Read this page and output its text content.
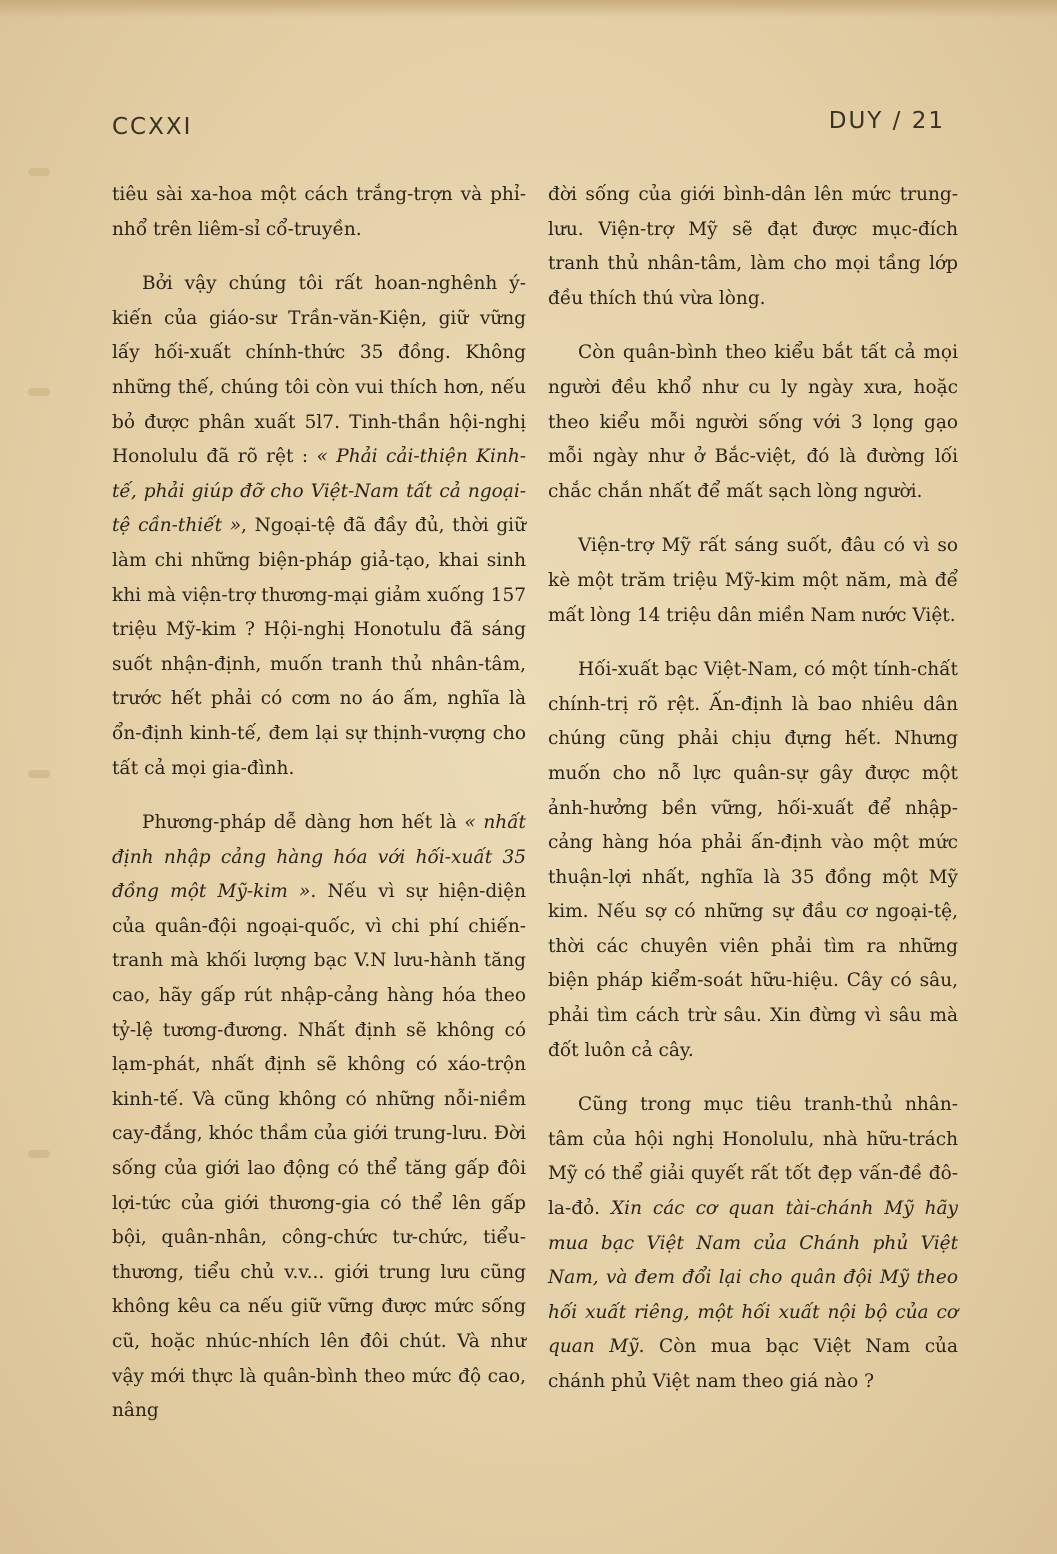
CCXXI	DUY / 21

tiêu sài xa-hoa một cách trắng-trợn và phỉ-nhổ trên liêm-sỉ cổ-truyền.

Bởi vậy chúng tôi rất hoan-nghênh ý-kiến của giáo-sư Trần-văn-Kiện, giữ vững lấy hối-xuất chính-thức 35 đồng. Không những thế, chúng tôi còn vui thích hơn, nếu bỏ được phân xuất 5l7. Tinh-thần hội-nghị Honolulu đã rõ rệt : « Phải cải-thiện Kinh-tế, phải giúp đỡ cho Việt-Nam tất cả ngoại-tệ cần-thiết », Ngoại-tệ đã đầy đủ, thời giữ làm chi những biện-pháp giả-tạo, khai sinh khi mà viện-trợ thương-mại giảm xuống 157 triệu Mỹ-kim ? Hội-nghị Honotulu đã sáng suốt nhận-định, muốn tranh thủ nhân-tâm, trước hết phải có cơm no áo ấm, nghĩa là ổn-định kinh-tế, đem lại sự thịnh-vượng cho tất cả mọi gia-đình.

Phương-pháp dễ dàng hơn hết là « nhất định nhập cảng hàng hóa với hối-xuất 35 đồng một Mỹ-kim ». Nếu vì sự hiện-diện của quân-đội ngoại-quốc, vì chi phí chiến-tranh mà khối lượng bạc V.N lưu-hành tăng cao, hãy gấp rút nhập-cảng hàng hóa theo tỷ-lệ tương-đương. Nhất định sẽ không có lạm-phát, nhất định sẽ không có xáo-trộn kinh-tế. Và cũng không có những nỗi-niềm cay-đắng, khóc thầm của giới trung-lưu. Đời sống của giới lao động có thể tăng gấp đôi lợi-tức của giới thương-gia có thể lên gấp bội, quân-nhân, công-chức tư-chức, tiểu-thương, tiểu chủ v.v... giới trung lưu cũng không kêu ca nếu giữ vững được mức sống cũ, hoặc nhúc-nhích lên đôi chút. Và như vậy mới thực là quân-bình theo mức độ cao, nâng

đời sống của giới bình-dân lên mức trung-lưu. Viện-trợ Mỹ sẽ đạt được mục-đích tranh thủ nhân-tâm, làm cho mọi tầng lớp đều thích thú vừa lòng.

Còn quân-bình theo kiểu bắt tất cả mọi người đều khổ như cu ly ngày xưa, hoặc theo kiểu mỗi người sống với 3 lọng gạo mỗi ngày như ở Bắc-việt, đó là đường lối chắc chắn nhất để mất sạch lòng người.

Viện-trợ Mỹ rất sáng suốt, đâu có vì so kè một trăm triệu Mỹ-kim một năm, mà để mất lòng 14 triệu dân miền Nam nước Việt.

Hối-xuất bạc Việt-Nam, có một tính-chất chính-trị rõ rệt. Ấn-định là bao nhiêu dân chúng cũng phải chịu đựng hết. Nhưng muốn cho nỗ lực quân-sự gây được một ảnh-hưởng bền vững, hối-xuất để nhập-cảng hàng hóa phải ấn-định vào một mức thuận-lợi nhất, nghĩa là 35 đồng một Mỹ kim. Nếu sợ có những sự đầu cơ ngoại-tệ, thời các chuyên viên phải tìm ra những biện pháp kiểm-soát hữu-hiệu. Cây có sâu, phải tìm cách trừ sâu. Xin đừng vì sâu mà đốt luôn cả cây.

Cũng trong mục tiêu tranh-thủ nhân-tâm của hội nghị Honolulu, nhà hữu-trách Mỹ có thể giải quyết rất tốt đẹp vấn-đề đô-la-đỏ. Xin các cơ quan tài-chánh Mỹ hãy mua bạc Việt Nam của Chánh phủ Việt Nam, và đem đổi lại cho quân đội Mỹ theo hối xuất riêng, một hối xuất nội bộ của cơ quan Mỹ. Còn mua bạc Việt Nam của chánh phủ Việt nam theo giá nào ?
